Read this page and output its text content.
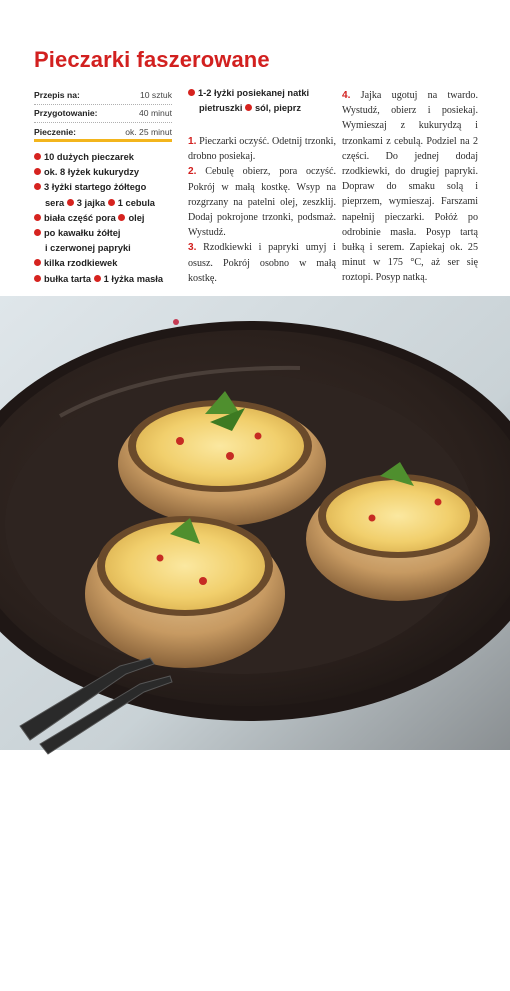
Pieczarki faszerowane
Przepis na:	10 sztuk
Przygotowanie:	40 minut
Pieczenie:	ok. 25 minut
10 dużych pieczarek
ok. 8 łyżek kukurydzy
3 łyżki startego żółtego
sera 3 jajka 1 cebula
biała część pora olej
po kawałku żółtej
i czerwonej papryki
kilka rzodkiewek
bułka tarta 1 łyżka masła
1-2 łyżki posiekanej natki
pietruszki sól, pieprz

1. Pieczarki oczyść. Odetnij trzonki, drobno posiekaj.

2. Cebulę obierz, pora oczyść. Pokrój w małą kostkę. Wsyp na rozgrzany na patelni olej, zeszklij. Dodaj pokrojone trzonki, podsmaż. Wystudź.

3. Rzodkiewki i papryki umyj i osusz. Pokrój osobno w małą kostkę.

4. Jajka ugotuj na twardo. Wystudź, obierz i posiekaj. Wymieszaj z kukurydzą i trzonkami z cebulą. Podziel na 2 części. Do jednej dodaj rzodkiewki, do drugiej papryki. Dopraw do smaku solą i pieprzem, wymieszaj. Farszami napełnij pieczarki. Połóż po odrobinie masła. Posyp tartą bułką i serem. Zapiekaj ok. 25 minut w 175 °C, aż ser się roztopi. Posyp natką.

obiadydomowe.pl
